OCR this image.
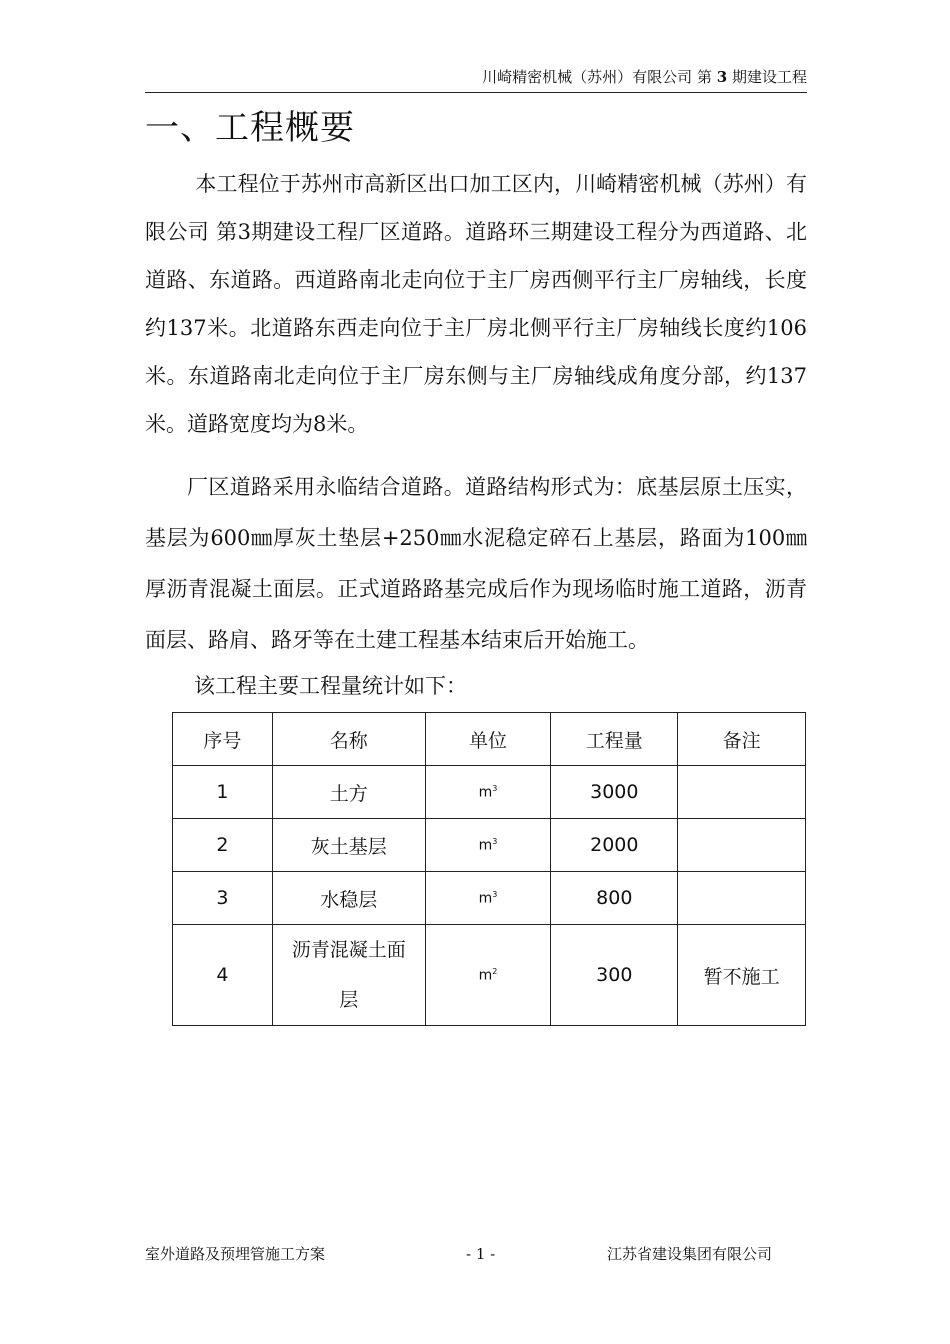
川崎精密机械（苏州）有限公司 第 3 期建设工程
一、工程概要

本工程位于苏州市高新区出口加工区内，川崎精密机械（苏州）有限公司 第3期建设工程厂区道路。道路环三期建设工程分为西道路、北道路、东道路。西道路南北走向位于主厂房西侧平行主厂房轴线，长度约137米。北道路东西走向位于主厂房北侧平行主厂房轴线长度约106米。东道路南北走向位于主厂房东侧与主厂房轴线成角度分部，约137米。道路宽度均为8米。

厂区道路采用永临结合道路。道路结构形式为：底基层原土压实，基层为600㎜厚灰土垫层+250㎜水泥稳定碎石上基层，路面为100㎜厚沥青混凝土面层。正式道路路基完成后作为现场临时施工道路，沥青面层、路肩、路牙等在土建工程基本结束后开始施工。

该工程主要工程量统计如下：

序号	名称	单位	工程量	备注
1	土方	$m^3$	3000	
2	灰土基层	$m^3$	2000	
3	水稳层	$m^3$	800	
4	沥青混凝土面层	$m^2$	300	暂不施工
室外道路及预埋管施工方案	- 1 -	江苏省建设集团有限公司
